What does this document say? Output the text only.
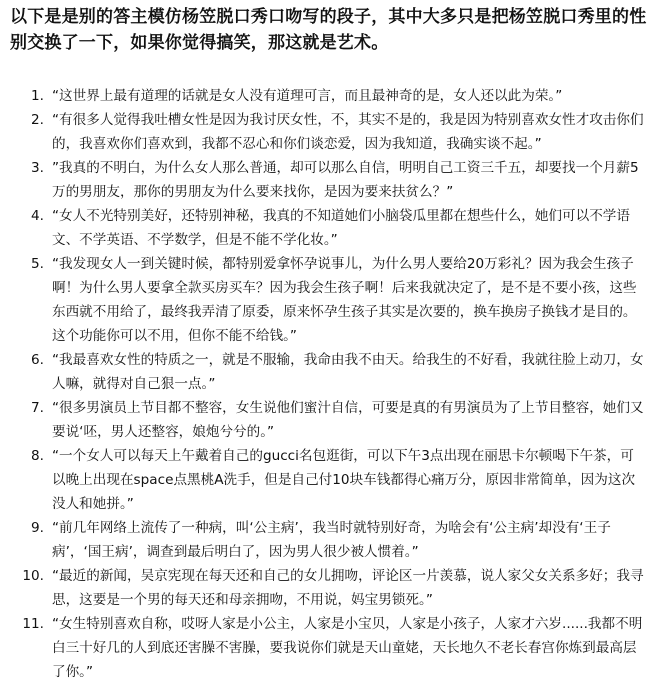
以下是是别的答主模仿杨笠脱口秀口吻写的段子，其中大多只是把杨笠脱口秀里的性别交换了一下，如果你觉得搞笑，那这就是艺术。
1. “这世界上最有道理的话就是女人没有道理可言，而且最神奇的是，女人还以此为荣。”
2. “有很多人觉得我吐槽女性是因为我讨厌女性，不，其实不是的，我是因为特别喜欢女性才攻击你们的，我喜欢你们喜欢到，我都不忍心和你们谈恋爱，因为我知道，我确实谈不起。”
3. ”我真的不明白，为什么女人那么普通，却可以那么自信，明明自己工资三千五，却要找一个月薪5万的男朋友，那你的男朋友为什么要来找你，是因为要来扶贫么？”
4. “女人不光特别美好，还特别神秘，我真的不知道她们小脑袋瓜里都在想些什么，她们可以不学语文、不学英语、不学数学，但是不能不学化妆。”
5. “我发现女人一到关键时候，都特别爱拿怀孕说事儿，为什么男人要给20万彩礼？因为我会生孩子啊！为什么男人要拿全款买房买车？因为我会生孩子啊！后来我就决定了，是不是不要小孩，这些东西就不用给了，最终我弄清了原委，原来怀孕生孩子其实是次要的，换车换房子换钱才是目的。这个功能你可以不用，但你不能不给钱。”
6. “我最喜欢女性的特质之一，就是不服输，我命由我不由天。给我生的不好看，我就往脸上动刀，女人嘛，就得对自己狠一点。”
7. “很多男演员上节目都不整容，女生说他们蜜汁自信，可要是真的有男演员为了上节目整容，她们又要说‘呸，男人还整容，娘炮兮兮的。”
8. “一个女人可以每天上午戴着自己的gucci名包逛街，可以下午3点出现在丽思卡尔顿喝下午茶，可以晚上出现在space点黑桃A洗手，但是自己付10块车钱都得心痛万分，原因非常简单，因为这次没人和她拼。”
9. “前几年网络上流传了一种病，叫‘公主病’，我当时就特别好奇，为啥会有‘公主病’却没有‘王子病’，‘国王病’，调查到最后明白了，因为男人很少被人惯着。”
10. “最近的新闻，吴京宪现在每天还和自己的女儿拥吻，评论区一片羡慕，说人家父女关系多好；我寻思，这要是一个男的每天还和母亲拥吻，不用说，妈宝男锁死。”
11. “女生特别喜欢自称，哎呀人家是小公主，人家是小宝贝，人家是小孩子，人家才六岁......我都不明白三十好几的人到底还害臊不害臊，要我说你们就是天山童姥，天长地久不老长春宫你炼到最高层了你。”
